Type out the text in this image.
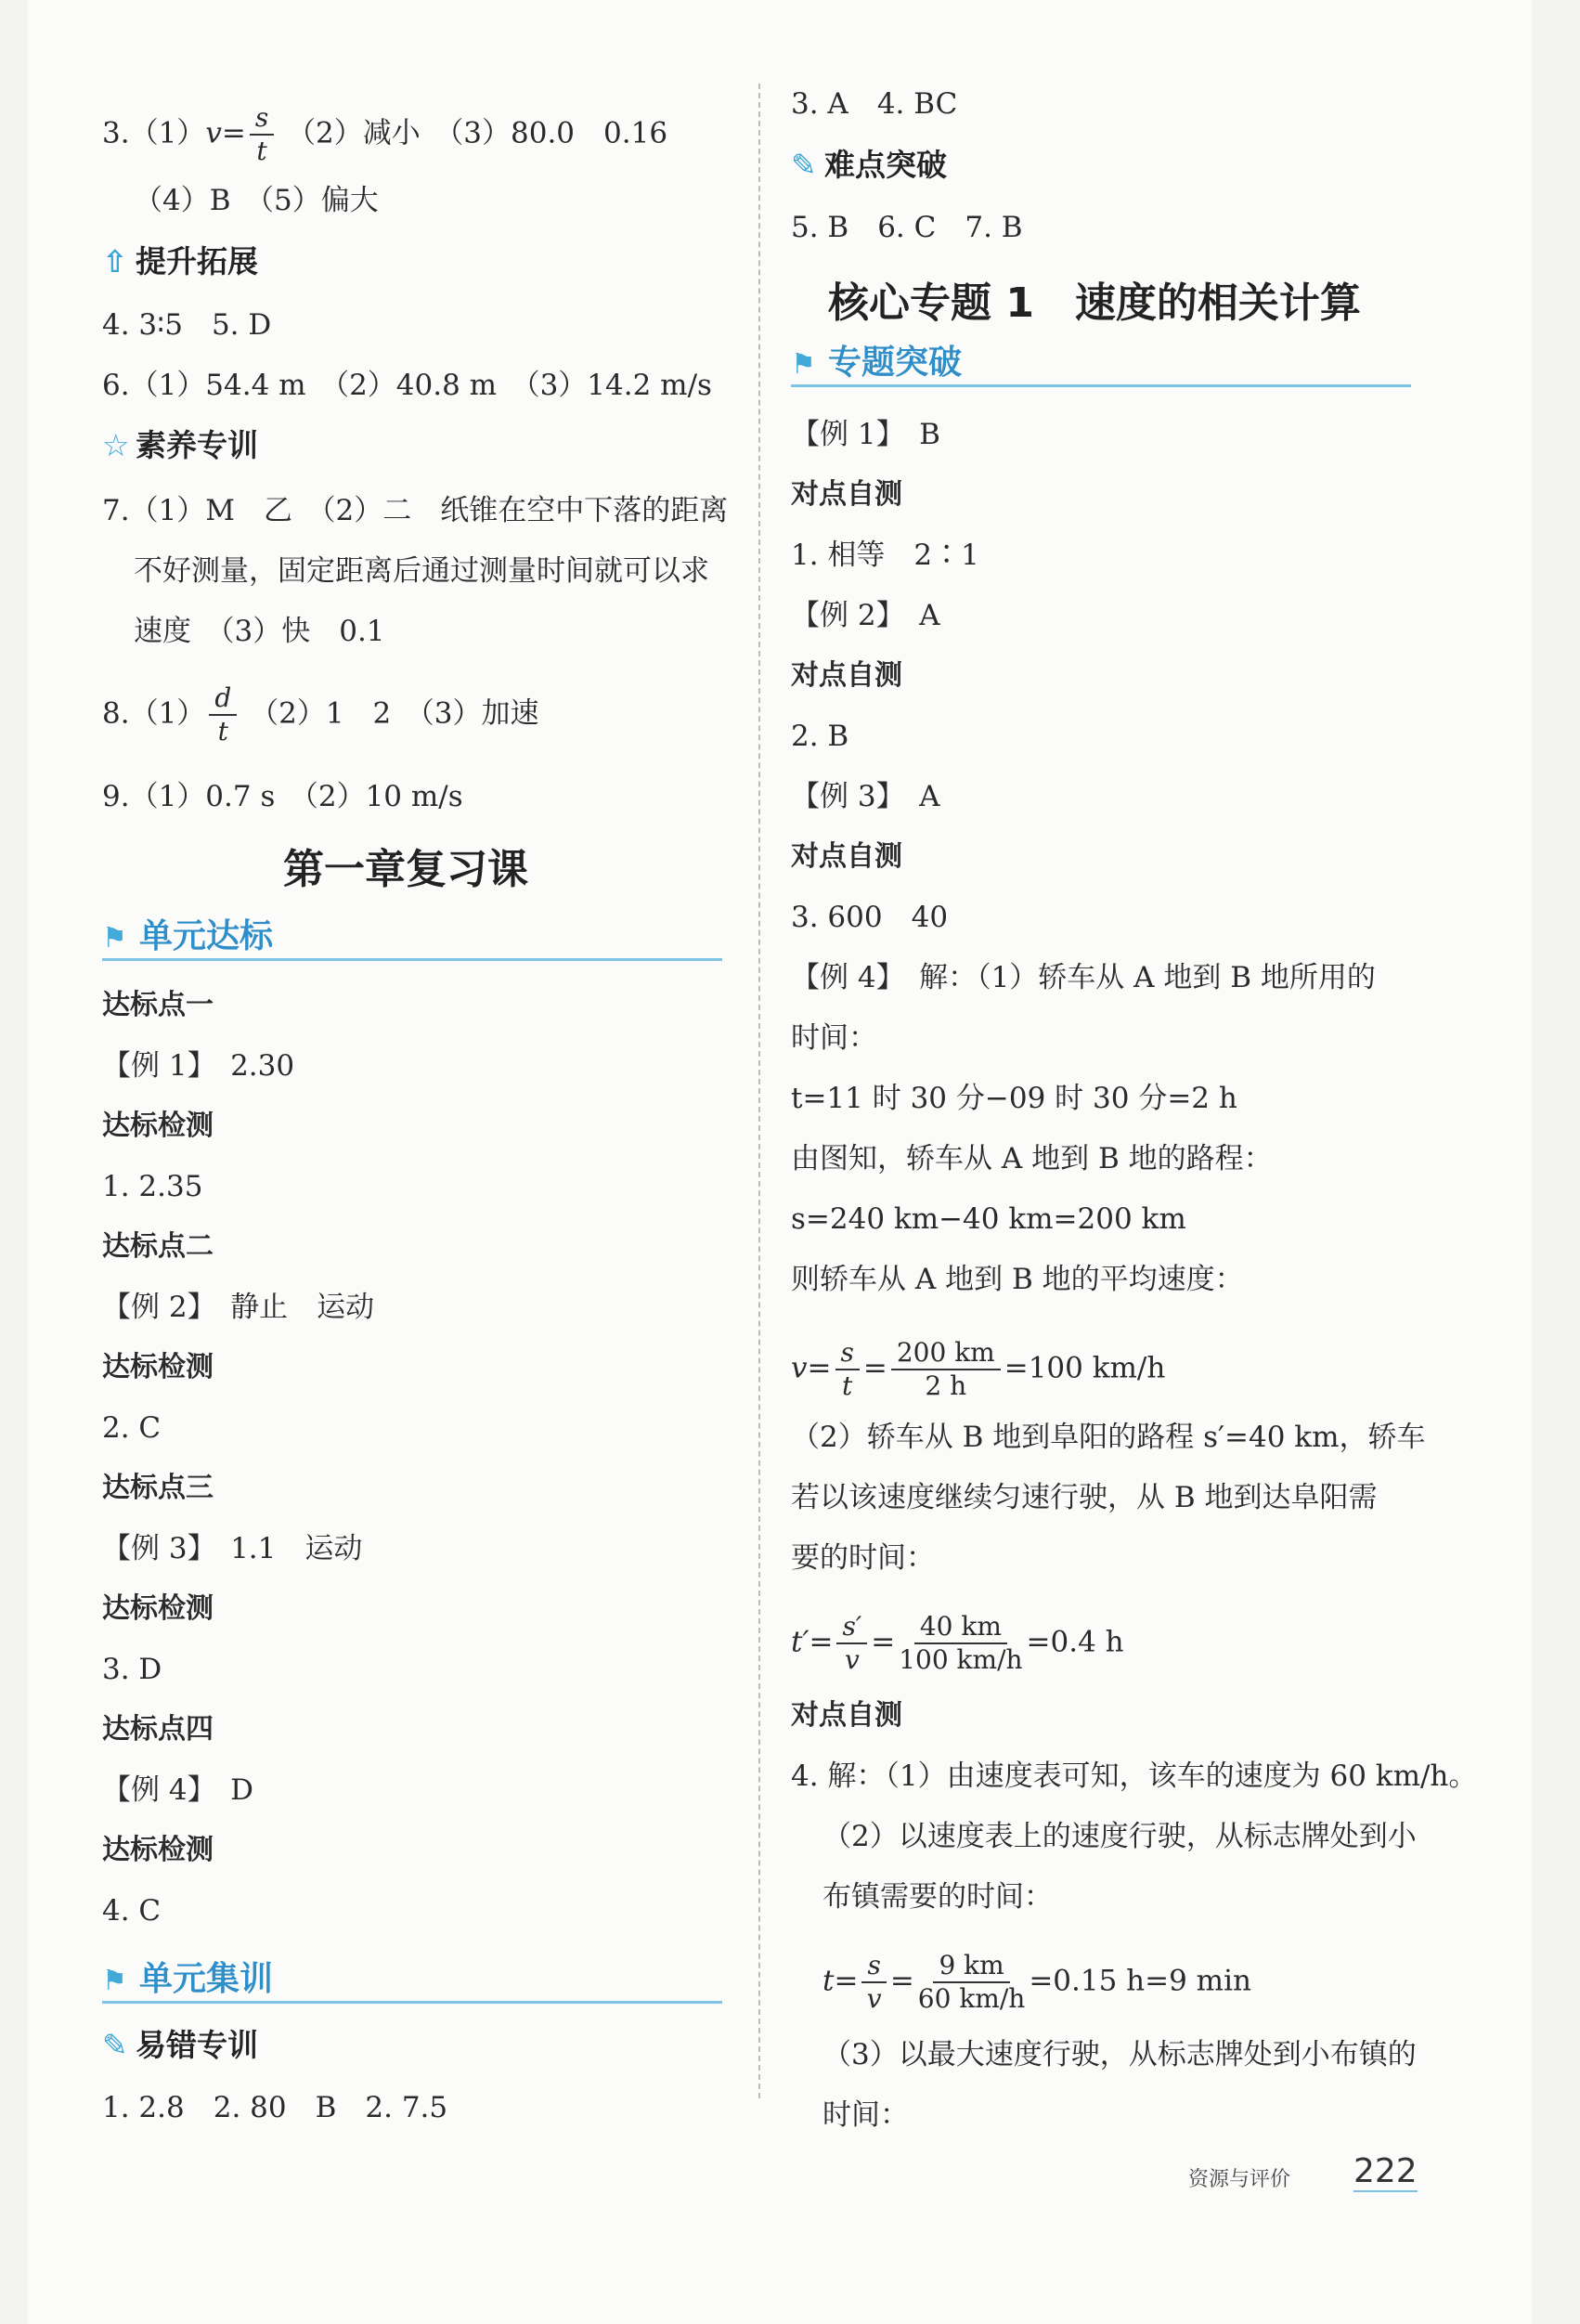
$3.(1)v= \frac{s}{t} (2)$减小　（3）80.0　0.16
（4）B　（5）偏大
⇧ 提升拓展
4. 3∶5　5. D
6.（1）54.4 m　（2）40.8 m　（3）14.2 m/s
☆ 素养专训
7.（1）M　乙　（2）二　纸锥在空中下落的距离
不好测量，固定距离后通过测量时间就可以求
速度　（3）快　0.1
$8.(1) \frac{d}{t} (2)1$　2　（3）加速
9.（1）0.7 s　（2）10 m/s
第一章复习课
⚑ 单元达标
达标点一
【例 1】　2.30
达标检测
1. 2.35
达标点二
【例 2】　静止　运动
达标检测
2. C
达标点三
【例 3】　1.1　运动
达标检测
3. D
达标点四
【例 4】　D
达标检测
4. C
⚑ 单元集训
✎ 易错专训
1. 2.8　2. 80　B　2. 7.5
3. A　4. BC
✎ 难点突破
5. B　6. C　7. B
核心专题 1　速度的相关计算
⚑ 专题突破
【例 1】　B
对点自测
1. 相等　2∶1
【例 2】　A
对点自测
2. B
【例 3】　A
对点自测
3. 600　40
【例 4】　解：（1）轿车从 A 地到 B 地所用的
时间：
t=11 时 30 分−09 时 30 分=2 h
由图知，轿车从 A 地到 B 地的路程：
s=240 km−40 km=200 km
则轿车从 A 地到 B 地的平均速度：
$v= \frac{s}{t} = \frac{200 km}{2 h} =100$ km/h
（2）轿车从 B 地到阜阳的路程 s′=40 km，轿车
若以该速度继续匀速行驶，从 B 地到达阜阳需
要的时间：
$t'= \frac{s'}{v} = \frac{40 km}{100 km/h} =0.4$ h
对点自测
4. 解：（1）由速度表可知，该车的速度为 60 km/h。
（2）以速度表上的速度行驶，从标志牌处到小
布镇需要的时间：
$t= \frac{s}{v} = \frac{9 km}{60 km/h} =0.15$ h=9 min
（3）以最大速度行驶，从标志牌处到小布镇的
时间：
资源与评价 222
